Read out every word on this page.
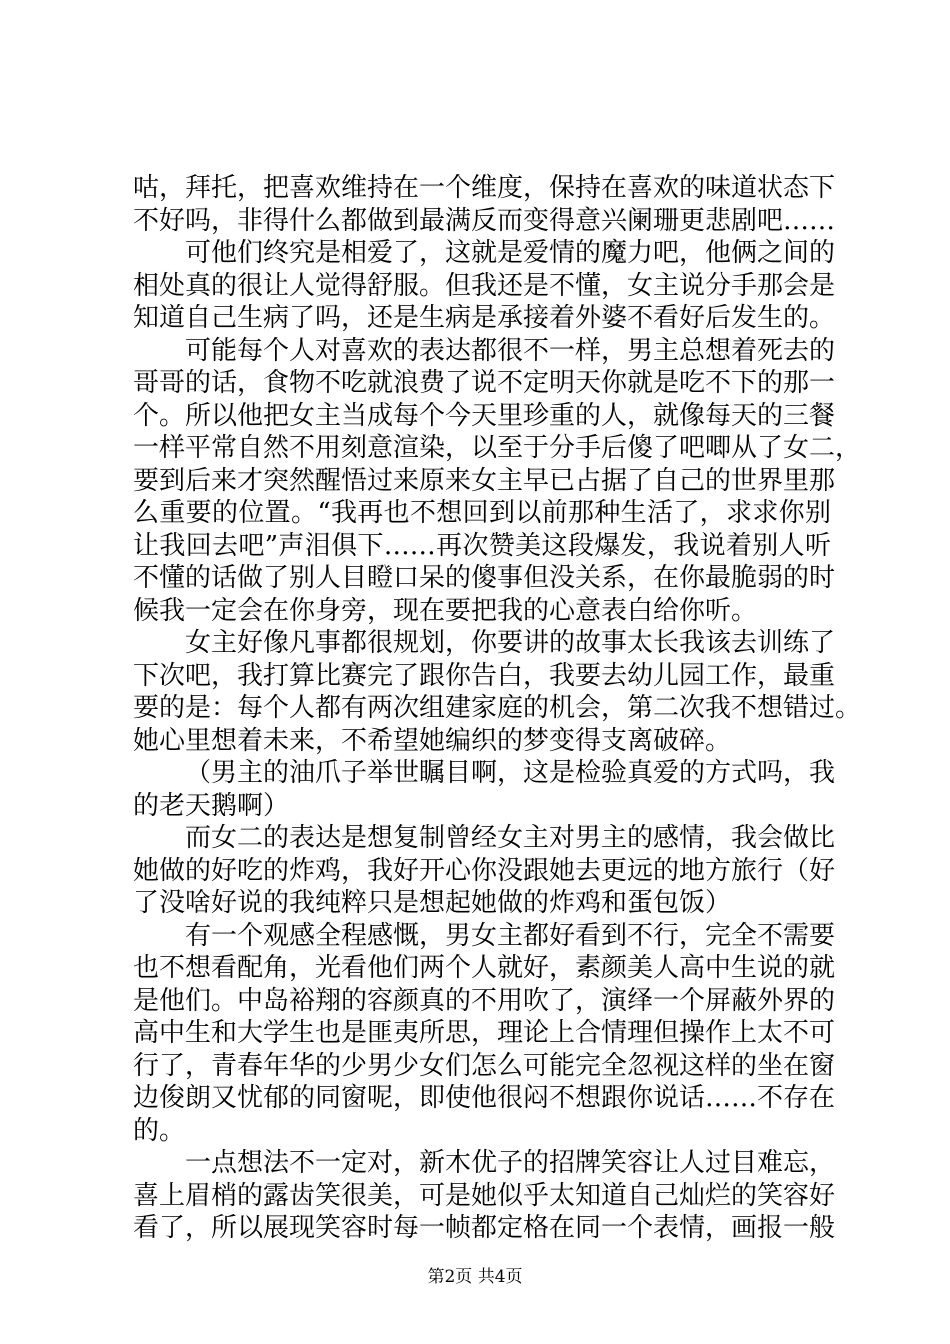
咕，拜托，把喜欢维持在一个维度，保持在喜欢的味道状态下
不好吗，非得什么都做到最满反而变得意兴阑珊更悲剧吧……
可他们终究是相爱了，这就是爱情的魔力吧，他俩之间的
相处真的很让人觉得舒服。但我还是不懂，女主说分手那会是
知道自己生病了吗，还是生病是承接着外婆不看好后发生的。
可能每个人对喜欢的表达都很不一样，男主总想着死去的
哥哥的话，食物不吃就浪费了说不定明天你就是吃不下的那一
个。所以他把女主当成每个今天里珍重的人，就像每天的三餐
一样平常自然不用刻意渲染，以至于分手后傻了吧唧从了女二，
要到后来才突然醒悟过来原来女主早已占据了自己的世界里那
么重要的位置。“我再也不想回到以前那种生活了，求求你别
让我回去吧”声泪俱下……再次赞美这段爆发，我说着别人听
不懂的话做了别人目瞪口呆的傻事但没关系，在你最脆弱的时
候我一定会在你身旁，现在要把我的心意表白给你听。
女主好像凡事都很规划，你要讲的故事太长我该去训练了
下次吧，我打算比赛完了跟你告白，我要去幼儿园工作，最重
要的是：每个人都有两次组建家庭的机会，第二次我不想错过。
她心里想着未来，不希望她编织的梦变得支离破碎。
（男主的油爪子举世瞩目啊，这是检验真爱的方式吗，我
的老天鹅啊）
而女二的表达是想复制曾经女主对男主的感情，我会做比
她做的好吃的炸鸡，我好开心你没跟她去更远的地方旅行（好
了没啥好说的我纯粹只是想起她做的炸鸡和蛋包饭）
有一个观感全程感慨，男女主都好看到不行，完全不需要
也不想看配角，光看他们两个人就好，素颜美人高中生说的就
是他们。中岛裕翔的容颜真的不用吹了，演绎一个屏蔽外界的
高中生和大学生也是匪夷所思，理论上合情理但操作上太不可
行了，青春年华的少男少女们怎么可能完全忽视这样的坐在窗
边俊朗又忧郁的同窗呢，即使他很闷不想跟你说话……不存在
的。
一点想法不一定对，新木优子的招牌笑容让人过目难忘，
喜上眉梢的露齿笑很美，可是她似乎太知道自己灿烂的笑容好
看了，所以展现笑容时每一帧都定格在同一个表情，画报一般
第2页 共4页
